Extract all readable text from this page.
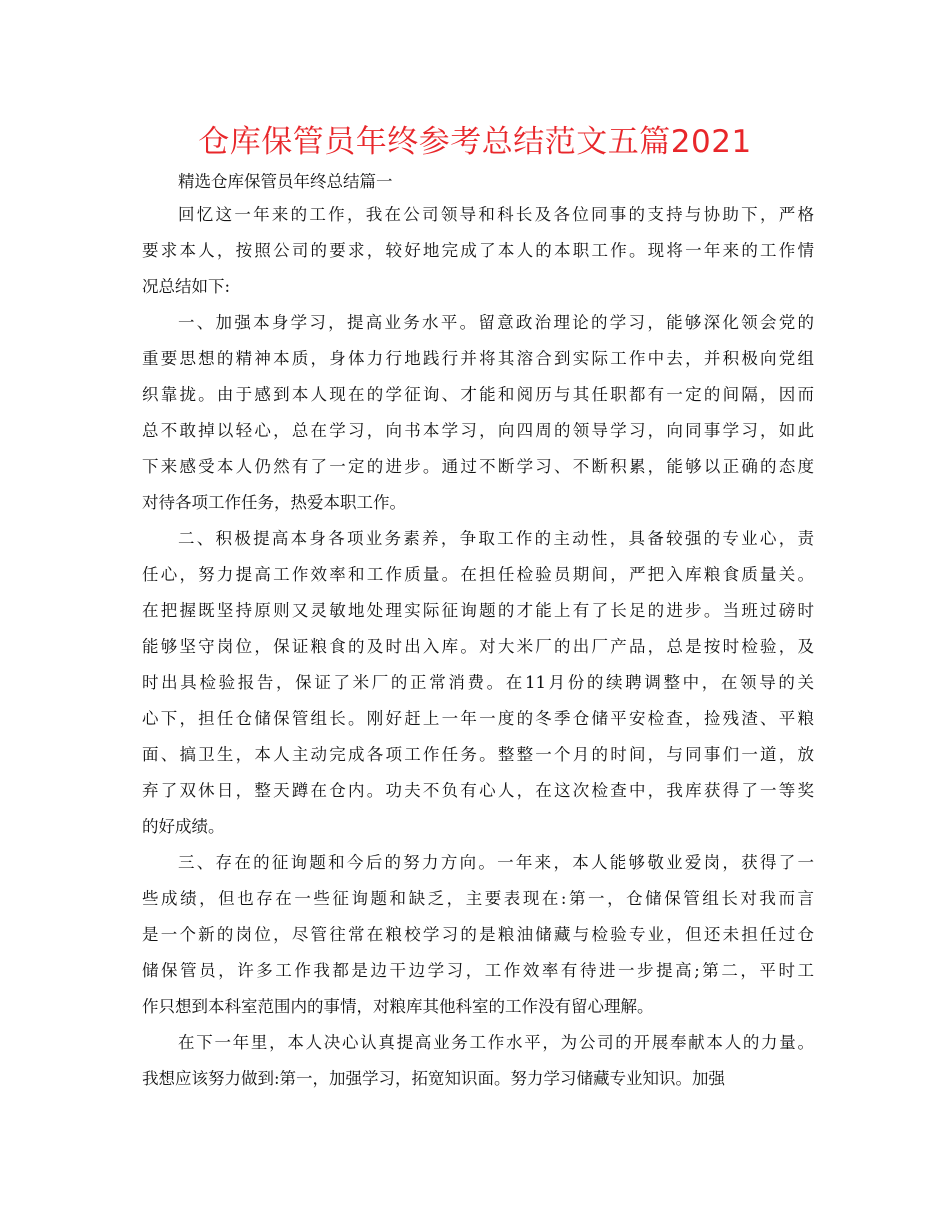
仓库保管员年终参考总结范文五篇2021

精选仓库保管员年终总结篇一

回忆这一年来的工作，我在公司领导和科长及各位同事的支持与协助下，严格
要求本人，按照公司的要求，较好地完成了本人的本职工作。现将一年来的工作情
况总结如下:
一、加强本身学习，提高业务水平。留意政治理论的学习，能够深化领会党的
重要思想的精神本质，身体力行地践行并将其溶合到实际工作中去，并积极向党组
织靠拢。由于感到本人现在的学征询、才能和阅历与其任职都有一定的间隔，因而
总不敢掉以轻心，总在学习，向书本学习，向四周的领导学习，向同事学习，如此
下来感受本人仍然有了一定的进步。通过不断学习、不断积累，能够以正确的态度
对待各项工作任务，热爱本职工作。
二、积极提高本身各项业务素养，争取工作的主动性，具备较强的专业心，责
任心，努力提高工作效率和工作质量。在担任检验员期间，严把入库粮食质量关。
在把握既坚持原则又灵敏地处理实际征询题的才能上有了长足的进步。当班过磅时
能够坚守岗位，保证粮食的及时出入库。对大米厂的出厂产品，总是按时检验，及
时出具检验报告，保证了米厂的正常消费。在11月份的续聘调整中，在领导的关
心下，担任仓储保管组长。刚好赶上一年一度的冬季仓储平安检查，捡残渣、平粮
面、搞卫生，本人主动完成各项工作任务。整整一个月的时间，与同事们一道，放
弃了双休日，整天蹲在仓内。功夫不负有心人，在这次检查中，我库获得了一等奖
的好成绩。
三、存在的征询题和今后的努力方向。一年来，本人能够敬业爱岗，获得了一
些成绩，但也存在一些征询题和缺乏，主要表现在:第一，仓储保管组长对我而言
是一个新的岗位，尽管往常在粮校学习的是粮油储藏与检验专业，但还未担任过仓
储保管员，许多工作我都是边干边学习，工作效率有待进一步提高;第二，平时工
作只想到本科室范围内的事情，对粮库其他科室的工作没有留心理解。
在下一年里，本人决心认真提高业务工作水平，为公司的开展奉献本人的力量。
我想应该努力做到:第一，加强学习，拓宽知识面。努力学习储藏专业知识。加强
